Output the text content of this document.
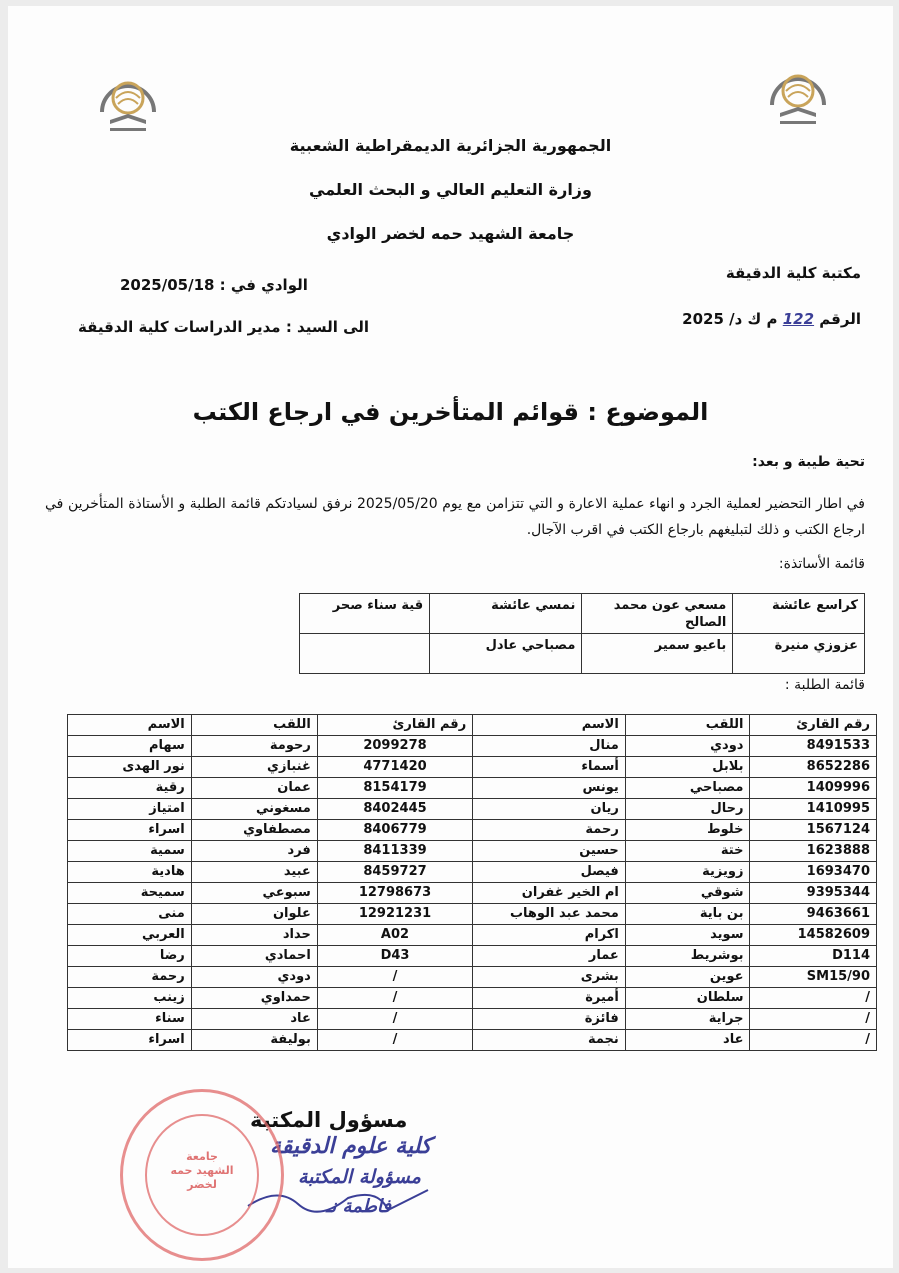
الجمهورية الجزائرية الديمقراطية الشعبية
وزارة التعليم العالي و البحث العلمي
جامعة الشهيد حمه لخضر الوادي
مكتبة كلية الدقيقة
الوادي في : 2025/05/18
الرقم 122 م ك د/ 2025
الى السيد : مدير الدراسات كلية الدقيقة
الموضوع : قوائم المتأخرين في ارجاع الكتب
تحية طيبة و بعد:
في اطار التحضير لعملية الجرد و انهاء عملية الاعارة و التي تتزامن مع يوم 2025/05/20 نرفق لسيادتكم قائمة الطلبة و الأستاذة المتأخرين في ارجاع الكتب و ذلك لتبليغهم بارجاع الكتب في اقرب الآجال.
قائمة الأساتذة:
كراسع عائشة	مسعي عون محمد الصالح	نمسي عائشة	قية سناء صحر
عزوزي منيرة	باعيو سمير	مصباحي عادل	
قائمة الطلبة :
رقم القارئ	اللقب	الاسم	رقم القارئ	اللقب	الاسم
8491533	دودي	منال	2099278	رحومة	سهام
8652286	بلابل	أسماء	4771420	غنبازي	نور الهدى
1409996	مصباحي	يونس	8154179	عمان	رقية
1410995	رحال	ريان	8402445	مسغوني	امتياز
1567124	خلوط	رحمة	8406779	مصطفاوي	اسراء
1623888	ختة	حسين	8411339	فرد	سمية
1693470	زويزية	فيصل	8459727	عبيد	هادية
9395344	شوقي	ام الخير غفران	12798673	سبوعي	سميحة
9463661	بن باية	محمد عبد الوهاب	12921231	علوان	منى
14582609	سويد	اكرام	A02	حداد	العربي
D114	بوشريط	عمار	D43	احمادي	رضا
SM15/90	عوين	بشرى	/	دودي	رحمة
/	سلطان	أميرة	/	حمداوي	زينب
/	جراية	فائزة	/	عاد	سناء
/	عاد	نجمة	/	بوليفة	اسراء
مسؤول المكتبة
كلية علوم الدقيقة
مسؤولة المكتبة
فاطمة نـ
جامعة الشهيد حمه لخضر
